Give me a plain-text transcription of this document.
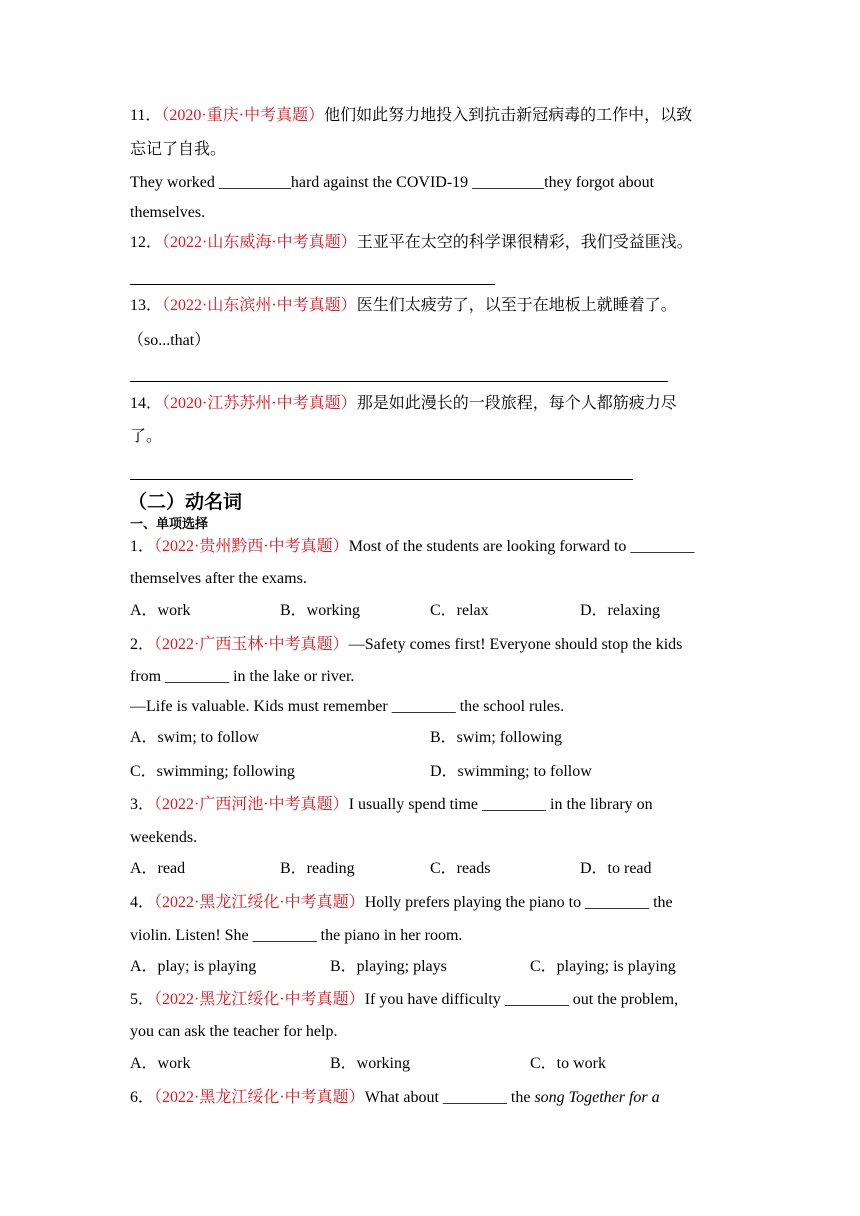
11．（2020·重庆·中考真题）他们如此努力地投入到抗击新冠病毒的工作中，以致
忘记了自我。
They worked _________hard against the COVID-19 _________they forgot about
themselves.
12．（2022·山东威海·中考真题）王亚平在太空的科学课很精彩，我们受益匪浅。
13．（2022·山东滨州·中考真题）医生们太疲劳了，以至于在地板上就睡着了。
（so...that）
14．（2020·江苏苏州·中考真题）那是如此漫长的一段旅程，每个人都筋疲力尽
了。
（二）动名词
一、单项选择
1．（2022·贵州黔西·中考真题）Most of the students are looking forward to ________
themselves after the exams.
A．work	B．working	C．relax	D．relaxing
2．（2022·广西玉林·中考真题）—Safety comes first! Everyone should stop the kids
from ________ in the lake or river.
—Life is valuable. Kids must remember ________ the school rules.
A．swim; to follow	B．swim; following
C．swimming; following	D．swimming; to follow
3．（2022·广西河池·中考真题）I usually spend time ________ in the library on
weekends.
A．read	B．reading	C．reads	D．to read
4．（2022·黑龙江绥化·中考真题）Holly prefers playing the piano to ________ the
violin. Listen! She ________ the piano in her room.
A．play; is playing	B．playing; plays	C．playing; is playing
5．（2022·黑龙江绥化·中考真题）If you have difficulty ________ out the problem,
you can ask the teacher for help.
A．work	B．working	C．to work
6．（2022·黑龙江绥化·中考真题）What about ________ the song Together for a
